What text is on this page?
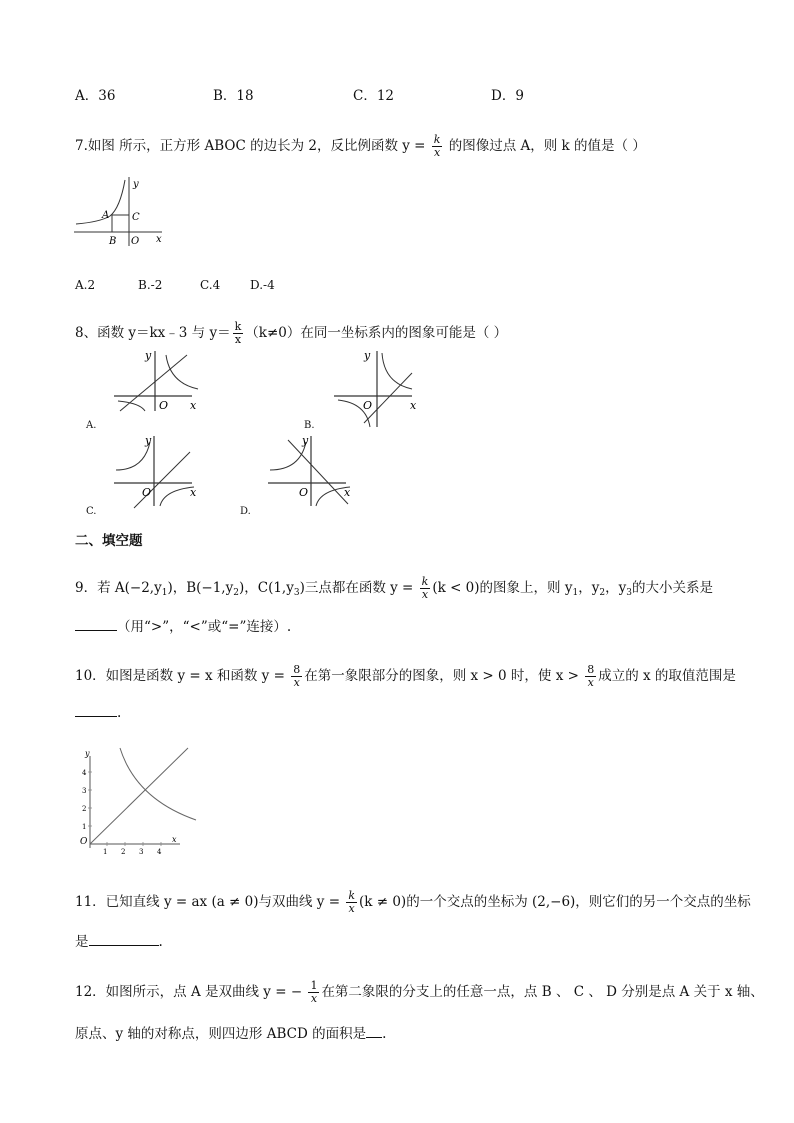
A．36	B．18	C．12	D．9
7.如图 所示，正方形 ABOC 的边长为 2，反比例函数 $y = \frac{k}{x}$ 的图像过点 A，则 k 的值是（ ）
A
B
C
O x
y
A.2	B.-2	C.4 D.-4
8、函数 y＝kx﹣3 与 $y= \frac{k}{x} (k\ne 0)$在同一坐标系内的图象可能是（ ）
O x
y
A.
O	x
y
B.
O	x
y
C.
O	x
y
D.
二、填空题
9．若 $A(-2,y_1)$，$B(-1,y_2)$，$C(1,y_3)$三点都在函数 $y = \frac{k}{x} (k < 0)$的图象上，则 $y_1$，$y_2$，$y_3$的大小关系是
（用“>”，“<”或“=”连接）.
10．如图是函数 y = x 和函数 $y = \frac{8}{x}$ 在第一象限部分的图象，则 x > 0 时，使 $x > \frac{8}{x}$ 成立的 x 的取值范围是
.
1 2 3 4
1
2
3
4
O	x
y
11．已知直线 y = ax (a ≠ 0)与双曲线 $y = \frac{k}{x} (k \ne 0)$的一个交点的坐标为 (2,−6)，则它们的另一个交点的坐标
是	.
12．如图所示，点 A 是双曲线 y = − $\frac{1}{x}$ 在第二象限的分支上的任意一点，点 B 、 C 、 D 分别是点 A 关于 x 轴、
原点、y 轴的对称点，则四边形 ABCD 的面积是 .
